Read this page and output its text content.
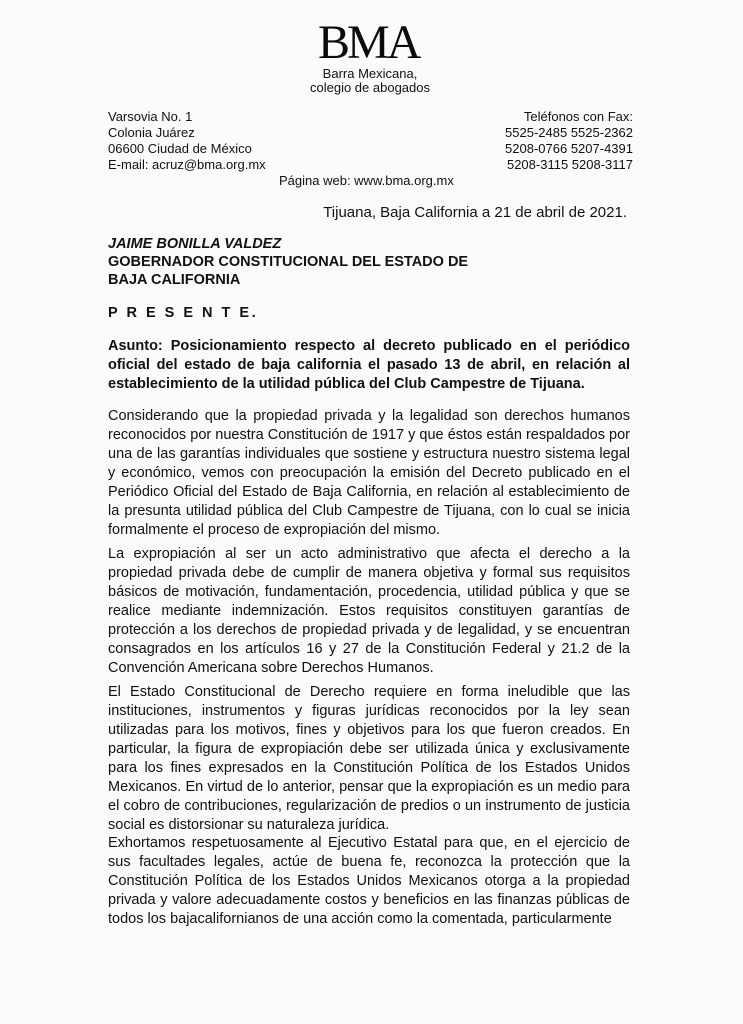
BMA
Barra Mexicana,
colegio de abogados
Varsovia No. 1
Colonia Juárez
06600 Ciudad de México
E-mail: acruz@bma.org.mx
Teléfonos con Fax:
5525-2485 5525-2362
5208-0766 5207-4391
5208-3115 5208-3117
Página web: www.bma.org.mx
Tijuana, Baja California a 21 de abril de 2021.
JAIME BONILLA VALDEZ
GOBERNADOR CONSTITUCIONAL DEL ESTADO DE
BAJA CALIFORNIA
P R E S E N T E.
Asunto: Posicionamiento respecto al decreto publicado en el periódico oficial del estado de baja california el pasado 13 de abril, en relación al establecimiento de la utilidad pública del Club Campestre de Tijuana.
Considerando que la propiedad privada y la legalidad son derechos humanos reconocidos por nuestra Constitución de 1917 y que éstos están respaldados por una de las garantías individuales que sostiene y estructura nuestro sistema legal y económico, vemos con preocupación la emisión del Decreto publicado en el Periódico Oficial del Estado de Baja California, en relación al establecimiento de la presunta utilidad pública del Club Campestre de Tijuana, con lo cual se inicia formalmente el proceso de expropiación del mismo.
La expropiación al ser un acto administrativo que afecta el derecho a la propiedad privada debe de cumplir de manera objetiva y formal sus requisitos básicos de motivación, fundamentación, procedencia, utilidad pública y que se realice mediante indemnización. Estos requisitos constituyen garantías de protección a los derechos de propiedad privada y de legalidad, y se encuentran consagrados en los artículos 16 y 27 de la Constitución Federal y 21.2 de la Convención Americana sobre Derechos Humanos.
El Estado Constitucional de Derecho requiere en forma ineludible que las instituciones, instrumentos y figuras jurídicas reconocidos por la ley sean utilizadas para los motivos, fines y objetivos para los que fueron creados. En particular, la figura de expropiación debe ser utilizada única y exclusivamente para los fines expresados en la Constitución Política de los Estados Unidos Mexicanos. En virtud de lo anterior, pensar que la expropiación es un medio para el cobro de contribuciones, regularización de predios o un instrumento de justicia social es distorsionar su naturaleza jurídica.
Exhortamos respetuosamente al Ejecutivo Estatal para que, en el ejercicio de sus facultades legales, actúe de buena fe, reconozca la protección que la Constitución Política de los Estados Unidos Mexicanos otorga a la propiedad privada y valore adecuadamente costos y beneficios en las finanzas públicas de todos los bajacalifornianos de una acción como la comentada, particularmente
